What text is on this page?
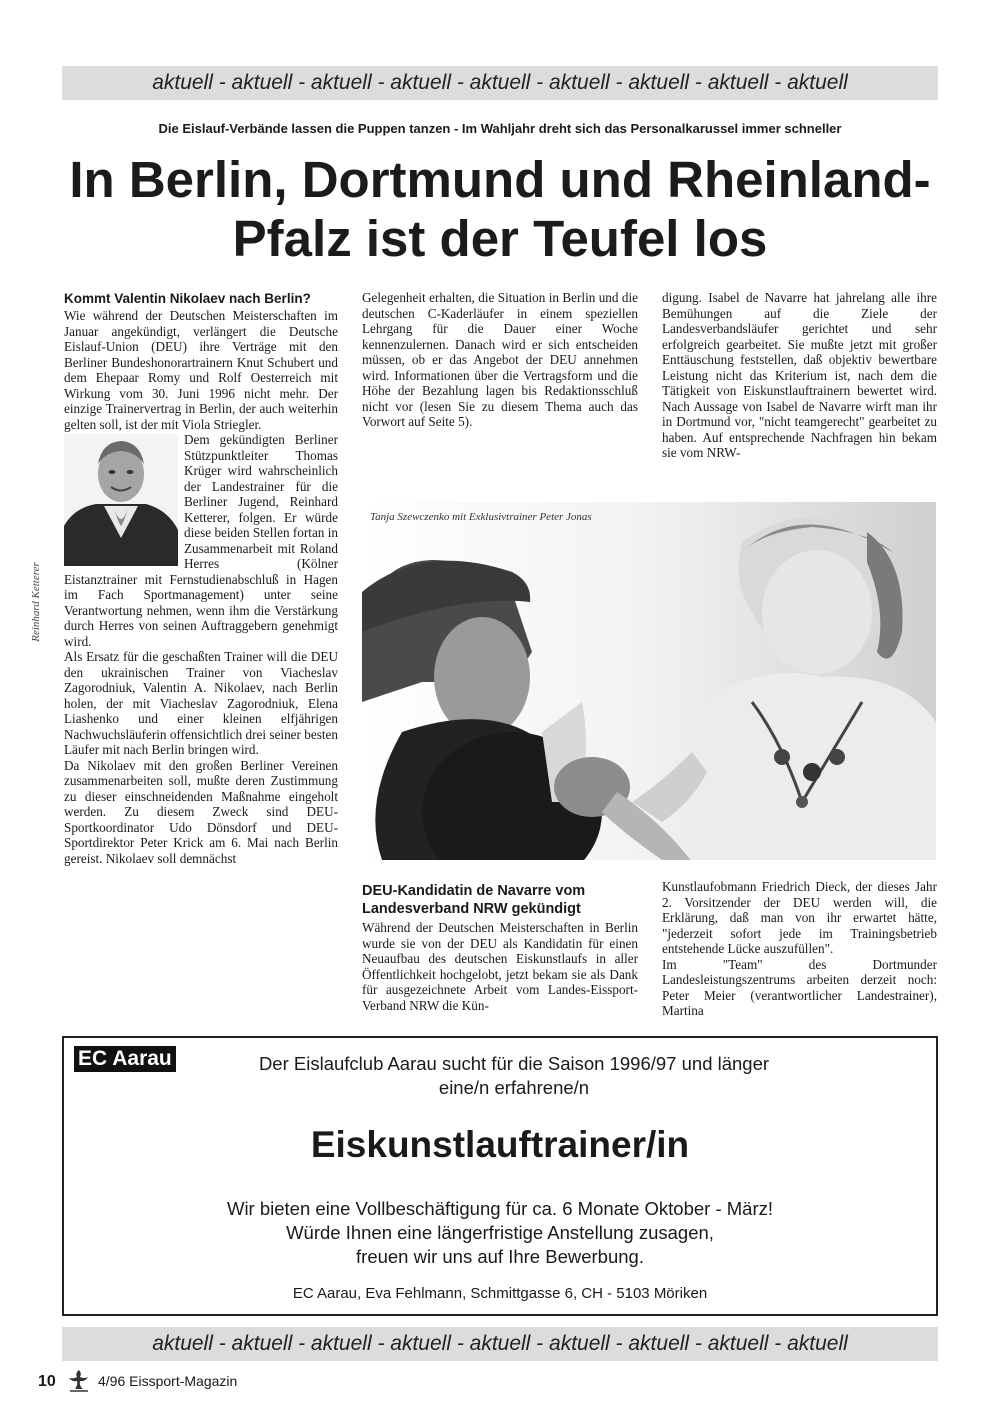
aktuell - aktuell - aktuell - aktuell - aktuell - aktuell - aktuell - aktuell - aktuell
Die Eislauf-Verbände lassen die Puppen tanzen - Im Wahljahr dreht sich das Personalkarussel immer schneller
In Berlin, Dortmund und Rheinland-Pfalz ist der Teufel los

Kommt Valentin Nikolaev nach Berlin?

Wie während der Deutschen Meisterschaften im Januar angekündigt, verlängert die Deutsche Eislauf-Union (DEU) ihre Verträge mit den Berliner Bundeshonorartrainern Knut Schubert und dem Ehepaar Romy und Rolf Oesterreich mit Wirkung vom 30. Juni 1996 nicht mehr. Der einzige Trainervertrag in Berlin, der auch weiterhin gelten soll, ist der mit Viola Striegler.

Dem gekündigten Berliner Stützpunktleiter Thomas Krüger wird wahrscheinlich der Landestrainer für die Berliner Jugend, Reinhard Ketterer, folgen. Er würde diese beiden Stellen fortan in Zusammenarbeit mit Roland Herres (Kölner Eistanztrainer mit Fernstudienabschluß in Hagen im Fach Sportmanagement) unter seine Verantwortung nehmen, wenn ihm die Verstärkung durch Herres von seinen Auftraggebern genehmigt wird.

Als Ersatz für die geschaßten Trainer will die DEU den ukrainischen Trainer von Viacheslav Zagorodniuk, Valentin A. Nikolaev, nach Berlin holen, der mit Viacheslav Zagorodniuk, Elena Liashenko und einer kleinen elfjährigen Nachwuchsläuferin offensichtlich drei seiner besten Läufer mit nach Berlin bringen wird.

Da Nikolaev mit den großen Berliner Vereinen zusammenarbeiten soll, mußte deren Zustimmung zu dieser einschneidenden Maßnahme eingeholt werden. Zu diesem Zweck sind DEU-Sportkoordinator Udo Dönsdorf und DEU-Sportdirektor Peter Krick am 6. Mai nach Berlin gereist. Nikolaev soll demnächst

Reinhard Ketterer

Gelegenheit erhalten, die Situation in Berlin und die deutschen C-Kaderläufer in einem speziellen Lehrgang für die Dauer einer Woche kennenzulernen. Danach wird er sich entscheiden müssen, ob er das Angebot der DEU annehmen wird. Informationen über die Vertragsform und die Höhe der Bezahlung lagen bis Redaktionsschluß nicht vor (lesen Sie zu diesem Thema auch das Vorwort auf Seite 5).

Tanja Szewczenko mit Exklusivtrainer Peter Jonas

digung. Isabel de Navarre hat jahrelang alle ihre Bemühungen auf die Ziele der Landesverbandsläufer gerichtet und sehr erfolgreich gearbeitet. Sie mußte jetzt mit großer Enttäuschung feststellen, daß objektiv bewertbare Leistung nicht das Kriterium ist, nach dem die Tätigkeit von Eiskunstlauftrainern bewertet wird. Nach Aussage von Isabel de Navarre wirft man ihr in Dortmund vor, "nicht teamgerecht" gearbeitet zu haben. Auf entsprechende Nachfragen hin bekam sie vom NRW-

DEU-Kandidatin de Navarre vom Landesverband NRW gekündigt

Während der Deutschen Meisterschaften in Berlin wurde sie von der DEU als Kandidatin für einen Neuaufbau des deutschen Eiskunstlaufs in aller Öffentlichkeit hochgelobt, jetzt bekam sie als Dank für ausgezeichnete Arbeit vom Landes-Eissport-Verband NRW die Kün-

Kunstlaufobmann Friedrich Dieck, der dieses Jahr 2. Vorsitzender der DEU werden will, die Erklärung, daß man von ihr erwartet hätte, "jederzeit sofort jede im Trainingsbetrieb entstehende Lücke auszufüllen".

Im "Team" des Dortmunder Landesleistungszentrums arbeiten derzeit noch: Peter Meier (verantwortlicher Landestrainer), Martina

EC Aarau	Der Eislaufclub Aarau sucht für die Saison 1996/97 und länger
eine/n erfahrene/n
Eiskunstlauftrainer/in
Wir bieten eine Vollbeschäftigung für ca. 6 Monate Oktober - März!
Würde Ihnen eine längerfristige Anstellung zusagen,
freuen wir uns auf Ihre Bewerbung.
EC Aarau, Eva Fehlmann, Schmittgasse 6, CH - 5103 Möriken
aktuell - aktuell - aktuell - aktuell - aktuell - aktuell - aktuell - aktuell - aktuell
10	4/96 Eissport-Magazin
